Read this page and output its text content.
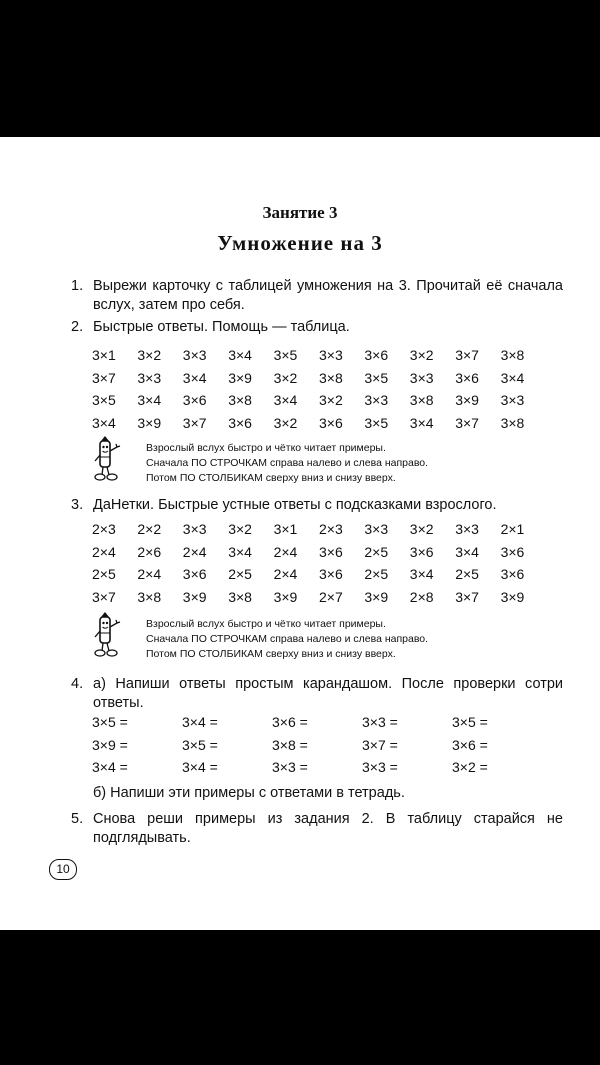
Занятие 3
Умножение на 3
1. Вырежи карточку с таблицей умножения на 3. Прочитай её сначала вслух, затем про себя.
2. Быстрые ответы. Помощь — таблица.
3×1 3×2 3×3 3×4 3×5 3×3 3×6 3×2 3×7 3×8
3×7 3×3 3×4 3×9 3×2 3×8 3×5 3×3 3×6 3×4
3×5 3×4 3×6 3×8 3×4 3×2 3×3 3×8 3×9 3×3
3×4 3×9 3×7 3×6 3×2 3×6 3×5 3×4 3×7 3×8
Взрослый вслух быстро и чётко читает примеры.
Сначала ПО СТРОЧКАМ справа налево и слева направо.
Потом ПО СТОЛБИКАМ сверху вниз и снизу вверх.
3. ДаНетки. Быстрые устные ответы с подсказками взрослого.
2×3 2×2 3×3 3×2 3×1 2×3 3×3 3×2 3×3 2×1
2×4 2×6 2×4 3×4 2×4 3×6 2×5 3×6 3×4 3×6
2×5 2×4 3×6 2×5 2×4 3×6 2×5 3×4 2×5 3×6
3×7 3×8 3×9 3×8 3×9 2×7 3×9 2×8 3×7 3×9
Взрослый вслух быстро и чётко читает примеры.
Сначала ПО СТРОЧКАМ справа налево и слева направо.
Потом ПО СТОЛБИКАМ сверху вниз и снизу вверх.
4. а) Напиши ответы простым карандашом. После проверки сотри ответы.
3×5 =	3×4 =	3×6 =	3×3 =	3×5 =
3×9 =	3×5 =	3×8 =	3×7 =	3×6 =
3×4 =	3×4 =	3×3 =	3×3 =	3×2 =
б) Напиши эти примеры с ответами в тетрадь.
5. Снова реши примеры из задания 2. В таблицу старайся не подглядывать.
10
